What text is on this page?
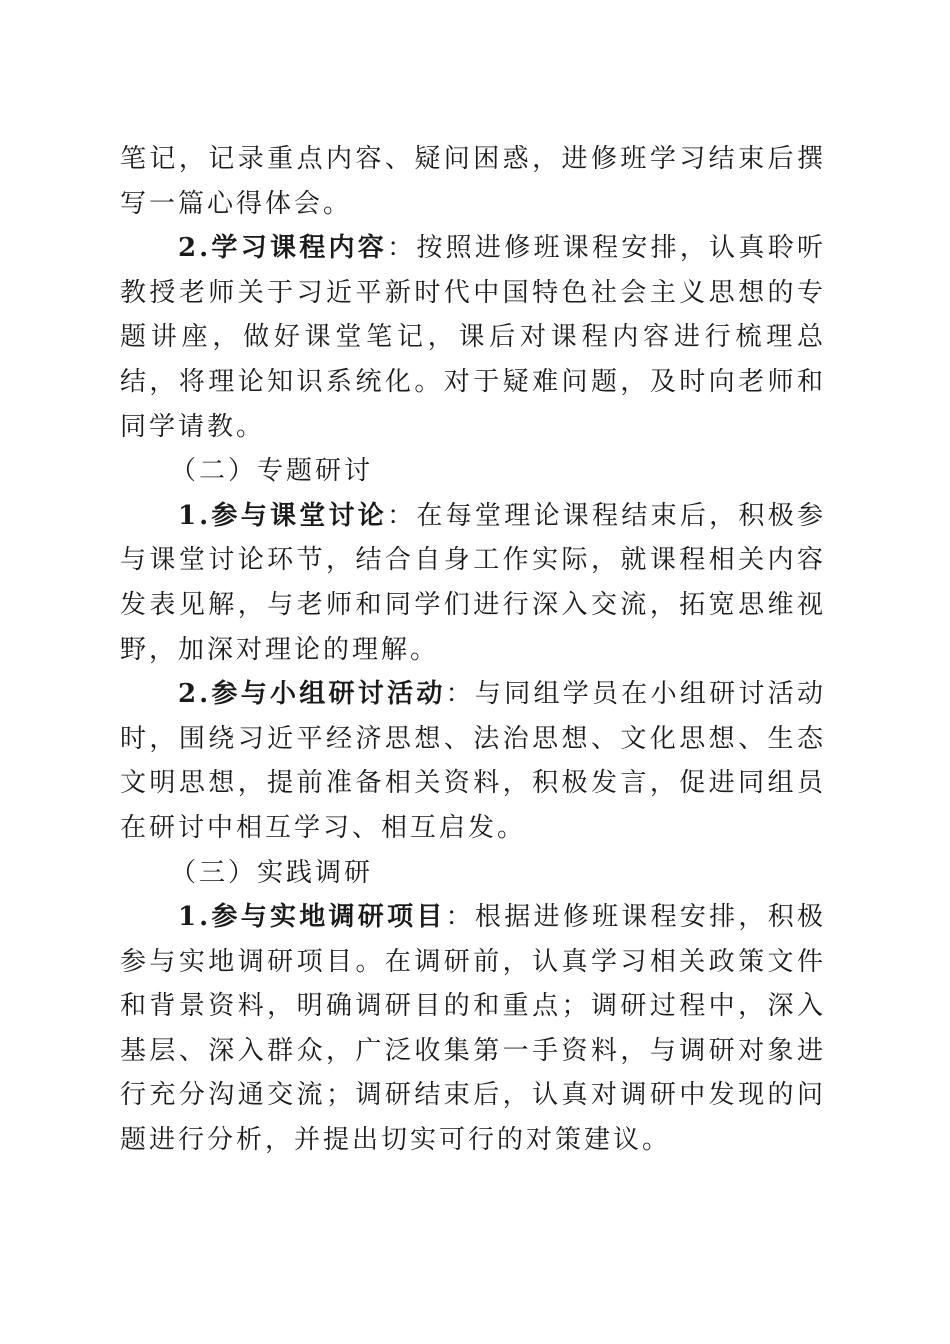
笔记，记录重点内容、疑问困惑，进修班学习结束后撰写一篇心得体会。

2.学习课程内容：按照进修班课程安排，认真聆听教授老师关于习近平新时代中国特色社会主义思想的专题讲座，做好课堂笔记，课后对课程内容进行梳理总结，将理论知识系统化。对于疑难问题，及时向老师和同学请教。

（二）专题研讨

1.参与课堂讨论：在每堂理论课程结束后，积极参与课堂讨论环节，结合自身工作实际，就课程相关内容发表见解，与老师和同学们进行深入交流，拓宽思维视野，加深对理论的理解。

2.参与小组研讨活动：与同组学员在小组研讨活动时，围绕习近平经济思想、法治思想、文化思想、生态文明思想，提前准备相关资料，积极发言，促进同组员在研讨中相互学习、相互启发。

（三）实践调研

1.参与实地调研项目：根据进修班课程安排，积极参与实地调研项目。在调研前，认真学习相关政策文件和背景资料，明确调研目的和重点；调研过程中，深入基层、深入群众，广泛收集第一手资料，与调研对象进行充分沟通交流；调研结束后，认真对调研中发现的问题进行分析，并提出切实可行的对策建议。
